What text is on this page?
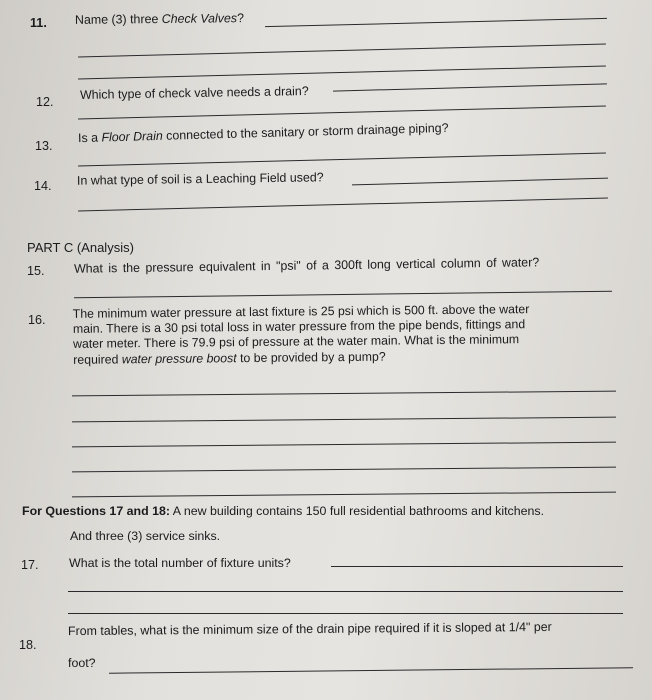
11. Name (3) three Check Valves?
12.
Which type of check valve needs a drain?
13.
Is a Floor Drain connected to the sanitary or storm drainage piping?
14. In what type of soil is a Leaching Field used?
PART C (Analysis)
15. What is the pressure equivalent in "psi" of a 300ft long vertical column of water?
16. The minimum water pressure at last fixture is 25 psi which is 500 ft. above the water
main. There is a 30 psi total loss in water pressure from the pipe bends, fittings and
water meter. There is 79.9 psi of pressure at the water main. What is the minimum
required water pressure boost to be provided by a pump?
For Questions 17 and 18: A new building contains 150 full residential bathrooms and kitchens.
And three (3) service sinks.
17. What is the total number of fixture units?
18.
From tables, what is the minimum size of the drain pipe required if it is sloped at 1/4" per
foot?
